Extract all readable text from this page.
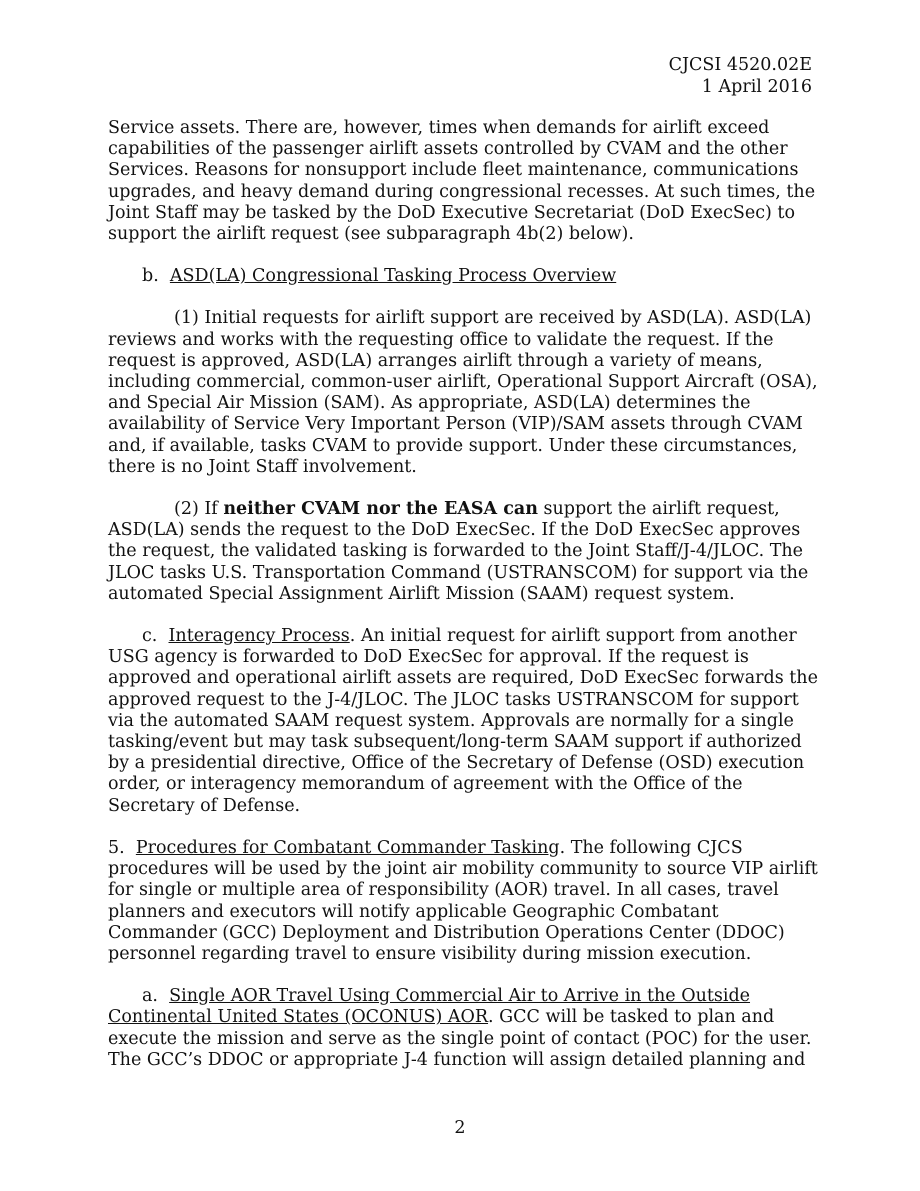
CJCSI 4520.02E
1 April 2016

Service assets. There are, however, times when demands for airlift exceed capabilities of the passenger airlift assets controlled by CVAM and the other Services. Reasons for nonsupport include fleet maintenance, communications upgrades, and heavy demand during congressional recesses. At such times, the Joint Staff may be tasked by the DoD Executive Secretariat (DoD ExecSec) to support the airlift request (see subparagraph 4b(2) below).

b. ASD(LA) Congressional Tasking Process Overview

(1) Initial requests for airlift support are received by ASD(LA). ASD(LA) reviews and works with the requesting office to validate the request. If the request is approved, ASD(LA) arranges airlift through a variety of means, including commercial, common-user airlift, Operational Support Aircraft (OSA), and Special Air Mission (SAM). As appropriate, ASD(LA) determines the availability of Service Very Important Person (VIP)/SAM assets through CVAM and, if available, tasks CVAM to provide support. Under these circumstances, there is no Joint Staff involvement.

(2) If neither CVAM nor the EASA can support the airlift request, ASD(LA) sends the request to the DoD ExecSec. If the DoD ExecSec approves the request, the validated tasking is forwarded to the Joint Staff/J-4/JLOC. The JLOC tasks U.S. Transportation Command (USTRANSCOM) for support via the automated Special Assignment Airlift Mission (SAAM) request system.

c. Interagency Process. An initial request for airlift support from another USG agency is forwarded to DoD ExecSec for approval. If the request is approved and operational airlift assets are required, DoD ExecSec forwards the approved request to the J-4/JLOC. The JLOC tasks USTRANSCOM for support via the automated SAAM request system. Approvals are normally for a single tasking/event but may task subsequent/long-term SAAM support if authorized by a presidential directive, Office of the Secretary of Defense (OSD) execution order, or interagency memorandum of agreement with the Office of the Secretary of Defense.

5. Procedures for Combatant Commander Tasking. The following CJCS procedures will be used by the joint air mobility community to source VIP airlift for single or multiple area of responsibility (AOR) travel. In all cases, travel planners and executors will notify applicable Geographic Combatant Commander (GCC) Deployment and Distribution Operations Center (DDOC) personnel regarding travel to ensure visibility during mission execution.

a. Single AOR Travel Using Commercial Air to Arrive in the Outside Continental United States (OCONUS) AOR. GCC will be tasked to plan and execute the mission and serve as the single point of contact (POC) for the user. The GCC’s DDOC or appropriate J-4 function will assign detailed planning and

2
